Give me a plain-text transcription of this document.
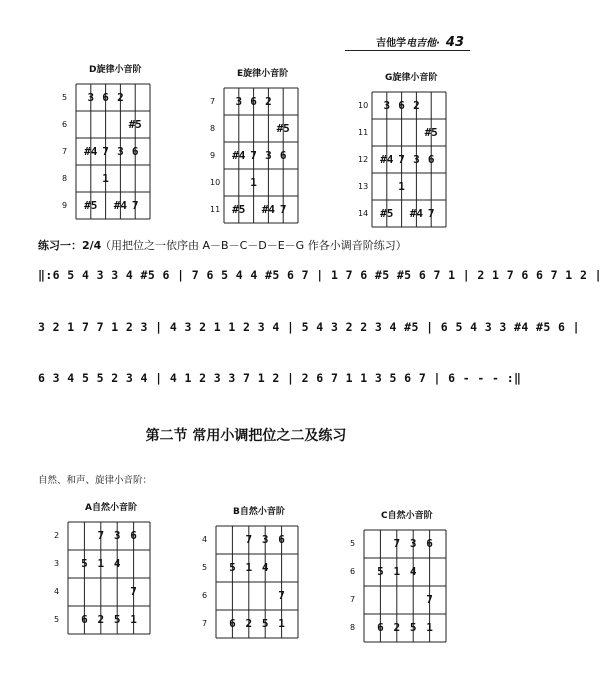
吉他学电吉他· 43
D旋律小音阶
5
6
7
8
9
3 6 2
#5
#4 7 3 6
1
#5 #4 7
E旋律小音阶
7
8
9
10
11
3 6 2
#5
#4 7 3 6
1
#5 #4 7
G旋律小音阶
10
11
12
13
14
3 6 2
#5
#4 7 3 6
1
#5 #4 7
练习一：2/4
（用把位之一依序由 A－B－C－D－E－G 作各小调音阶练习）
‖:6 5 4 3 3 4 #5 6 | 7 6 5 4 4 #5 6 7 | 1 7 6 #5 #5 6 7 1 | 2 1 7 6 6 7 1 2 |
3 2 1 7 7 1 2 3 | 4 3 2 1 1 2 3 4 | 5 4 3 2 2 3 4 #5 | 6 5 4 3 3 #4 #5 6 |
6 3 4 5 5 2 3 4 | 4 1 2 3 3 7 1 2 | 2 6 7 1 1 3 5 6 7 | 6 - - - :‖
第二节 常用小调把位之二及练习
自然、和声、旋律小音阶：
A自然小音阶
2
3
4
5
7 3 6
5 1 4
7
6 2 5 1
B自然小音阶
4
5
6
7
7 3 6
5 1 4
7
6 2 5 1
C自然小音阶
5
6
7
8
7 3 6
5 1 4
7
6 2 5 1
